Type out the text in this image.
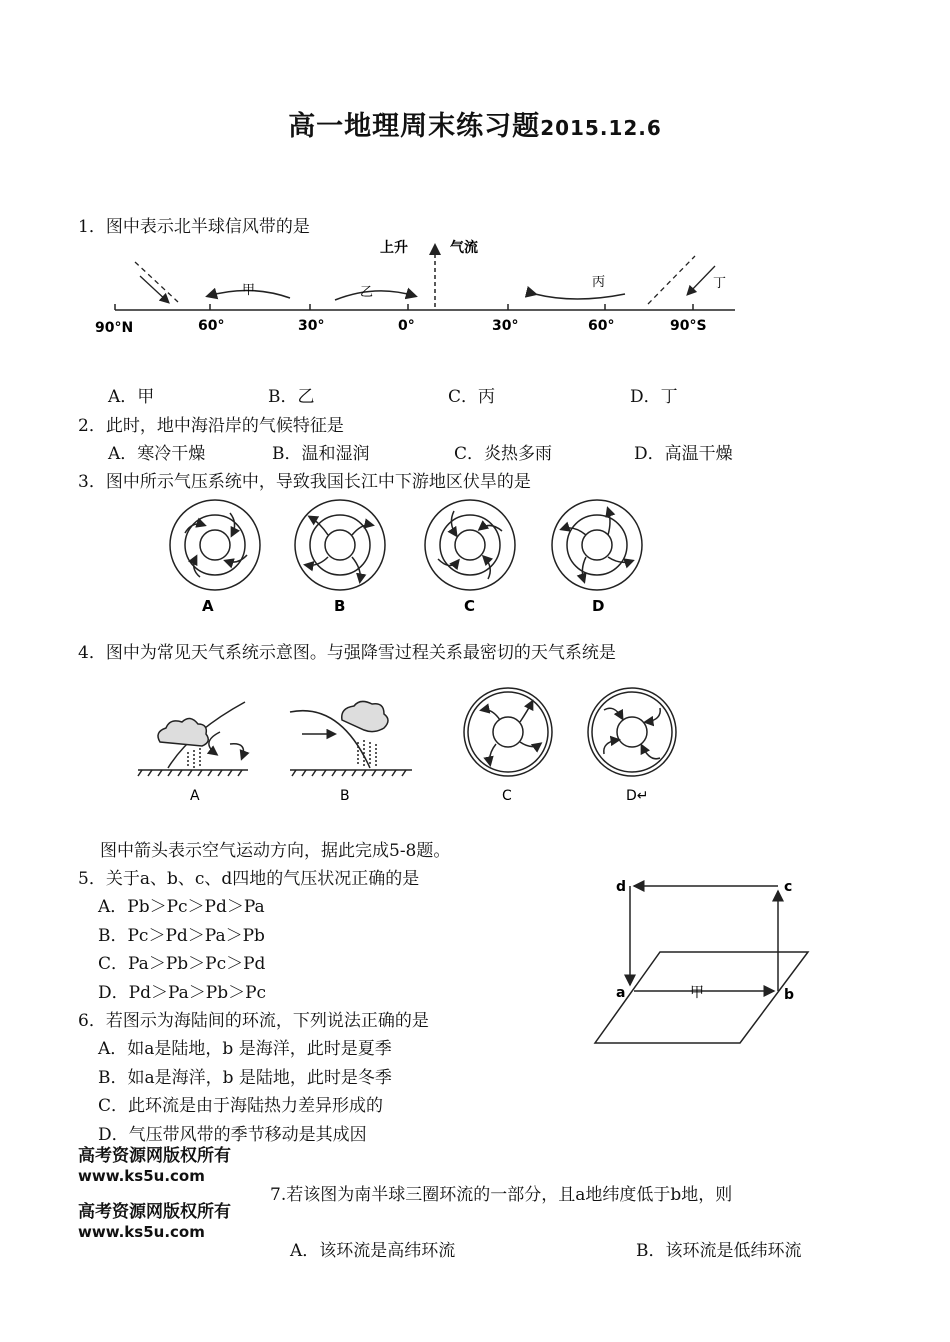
高一地理周末练习题2015.12.6
1．图中表示北半球信风带的是
上升	气流
甲	乙
丙	丁
90°N	60°	30°	0°	30°	60°	90°S
A．甲	B．乙	C．丙	D．丁
2．此时，地中海沿岸的气候特征是
A．寒冷干燥	B．温和湿润	C．炎热多雨	D．高温干燥
3．图中所示气压系统中，导致我国长江中下游地区伏旱的是
A	B	C	D
4．图中为常见天气系统示意图。与强降雪过程关系最密切的天气系统是
A	B	C	D↵
图中箭头表示空气运动方向，据此完成5-8题。
5．关于a、b、c、d四地的气压状况正确的是
A．Pb＞Pc＞Pd＞Pa
B．Pc＞Pd＞Pa＞Pb
C．Pa＞Pb＞Pc＞Pd
D．Pd＞Pa＞Pb＞Pc
d	c
a	b
甲
6．若图示为海陆间的环流，下列说法正确的是
A．如a是陆地，b 是海洋，此时是夏季
B．如a是海洋，b 是陆地，此时是冬季
C．此环流是由于海陆热力差异形成的
D．气压带风带的季节移动是其成因
高考资源网版权所有
www.ks5u.com
高考资源网版权所有
www.ks5u.com
7.若该图为南半球三圈环流的一部分，且a地纬度低于b地，则
A．该环流是高纬环流	B．该环流是低纬环流
